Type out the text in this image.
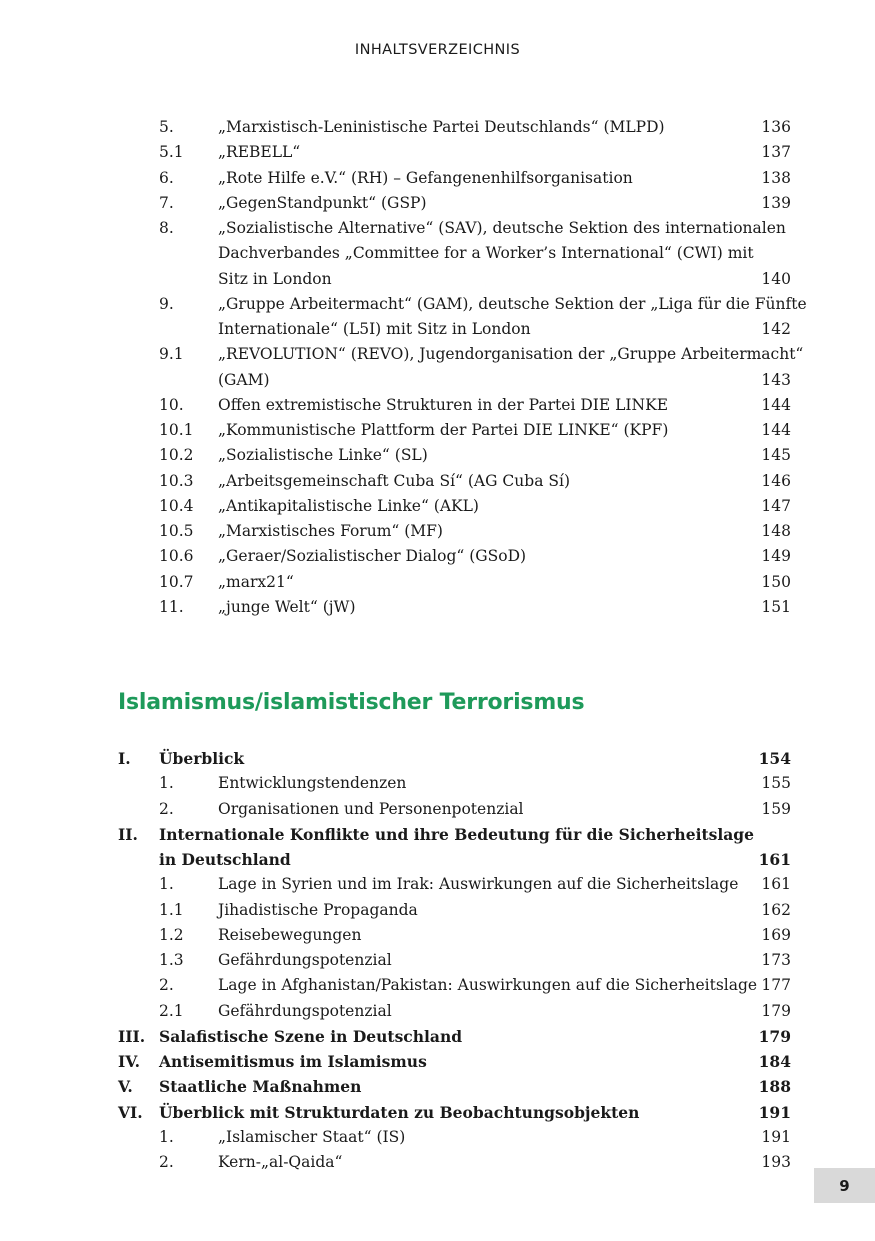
INHALTSVERZEICHNIS
5.	„Marxistisch-Leninistische Partei Deutschlands“ (MLPD)	136
5.1 „REBELL“	137
6.	„Rote Hilfe e.V.“ (RH) – Gefangenenhilfsorganisation	138
7.	„GegenStandpunkt“ (GSP)	139
8.	„Sozialistische Alternative“ (SAV), deutsche Sektion des internationalen
Dachverbandes „Committee for a Worker’s International“ (CWI) mit
Sitz in London	140
9.	„Gruppe Arbeitermacht“ (GAM), deutsche Sektion der „Liga für die Fünfte
Internationale“ (L5I) mit Sitz in London	142
9.1 „REVOLUTION“ (REVO), Jugendorganisation der „Gruppe Arbeitermacht“
(GAM)	143
10. Offen extremistische Strukturen in der Partei DIE LINKE	144
10.1 „Kommunistische Plattform der Partei DIE LINKE“ (KPF)	144
10.2 „Sozialistische Linke“ (SL)	145
10.3 „Arbeitsgemeinschaft Cuba Sí“ (AG Cuba Sí)	146
10.4 „Antikapitalistische Linke“ (AKL)	147
10.5 „Marxistisches Forum“ (MF)	148
10.6 „Geraer/Sozialistischer Dialog“ (GSoD)	149
10.7 „marx21“	150
11. „junge Welt“ (jW)	151
Islamismus/islamistischer Terrorismus
I. Überblick	154
1.	Entwicklungstendenzen	155
2.	Organisationen und Personenpotenzial	159
II. Internationale Konflikte und ihre Bedeutung für die Sicherheitslage
in Deutschland	161
1.	Lage in Syrien und im Irak: Auswirkungen auf die Sicherheitslage 161
1.1 Jihadistische Propaganda	162
1.2 Reisebewegungen	169
1.3 Gefährdungspotenzial	173
2.	Lage in Afghanistan/Pakistan: Auswirkungen auf die Sicherheitslage 177
2.1 Gefährdungspotenzial	179
III. Salafistische Szene in Deutschland	179
IV. Antisemitismus im Islamismus	184
V. Staatliche Maßnahmen	188
VI. Überblick mit Strukturdaten zu Beobachtungsobjekten	191
1.	„Islamischer Staat“ (IS)	191
2.	Kern-„al-Qaida“	193
9
